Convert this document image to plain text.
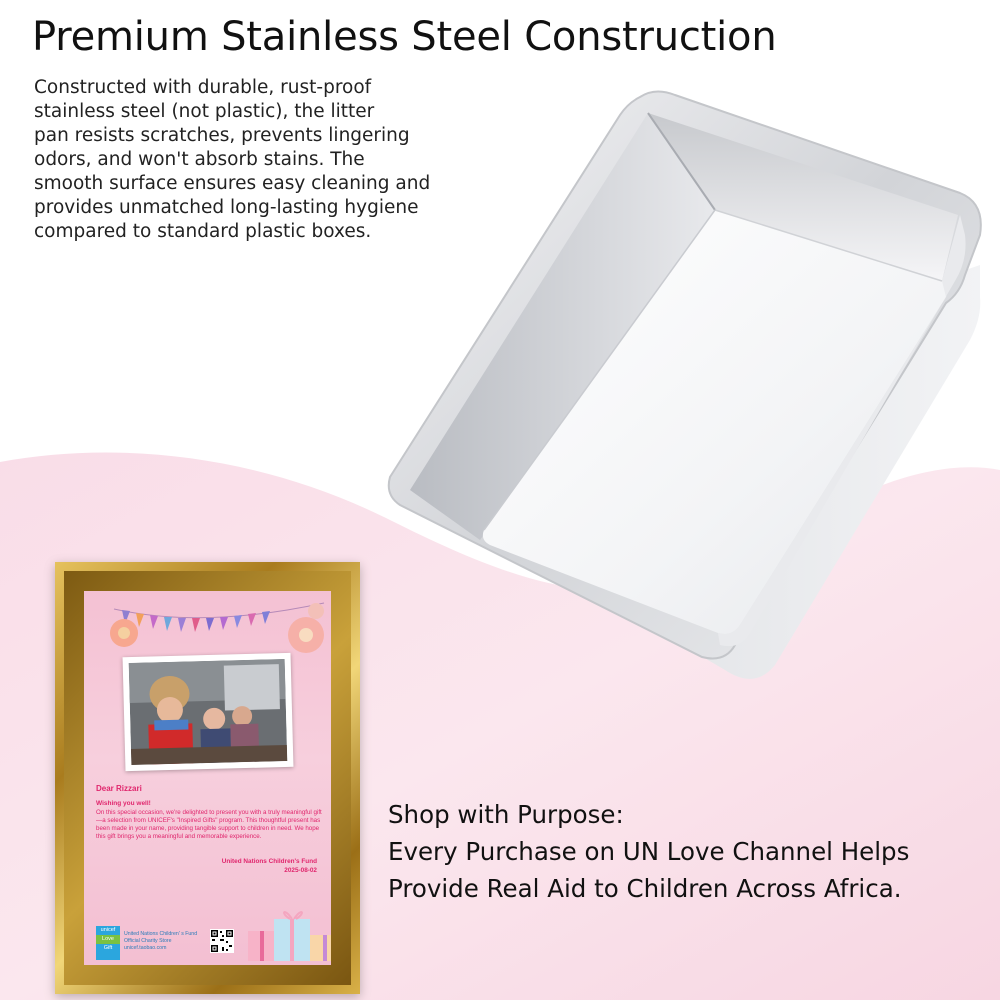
Premium Stainless Steel Construction

Constructed with durable, rust-proof
stainless steel (not plastic), the litter
pan resists scratches, prevents lingering
odors, and won't absorb stains. The
smooth surface ensures easy cleaning and
provides unmatched long-lasting hygiene
compared to standard plastic boxes.

Dear Rizzari
Wishing you well!
On this special occasion, we're delighted to present you with a truly meaningful gift—a selection from UNICEF's "Inspired Gifts" program. This thoughtful present has been made in your name, providing tangible support to children in need. We hope this gift brings you a meaningful and memorable experience.
United Nations Children's Fund
2025-08-02
unicef
Love
Gift
United Nations Children' s Fund
Official Charity Store
unicef.taobao.com
Shop with Purpose:
Every Purchase on UN Love Channel Helps
Provide Real Aid to Children Across Africa.
